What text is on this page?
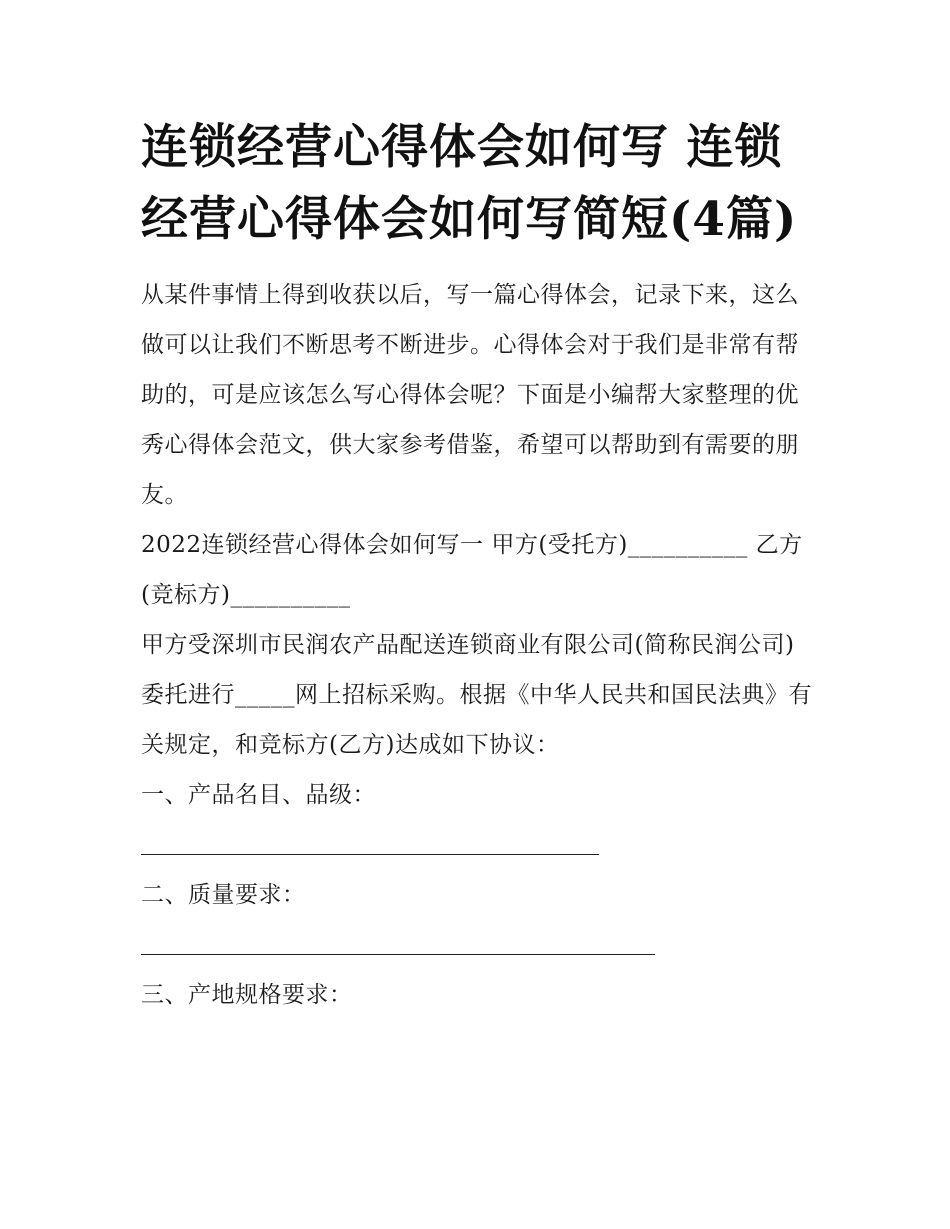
连锁经营心得体会如何写 连锁经营心得体会如何写简短(4篇)

从某件事情上得到收获以后，写一篇心得体会，记录下来，这么做可以让我们不断思考不断进步。心得体会对于我们是非常有帮助的，可是应该怎么写心得体会呢？下面是小编帮大家整理的优秀心得体会范文，供大家参考借鉴，希望可以帮助到有需要的朋友。

2022连锁经营心得体会如何写一 甲方(受托方)__________ 乙方(竞标方)__________

甲方受深圳市民润农产品配送连锁商业有限公司(简称民润公司)委托进行_____网上招标采购。根据《中华人民共和国民法典》有关规定，和竞标方(乙方)达成如下协议：

一、产品名目、品级：

二、质量要求：

三、产地规格要求：
